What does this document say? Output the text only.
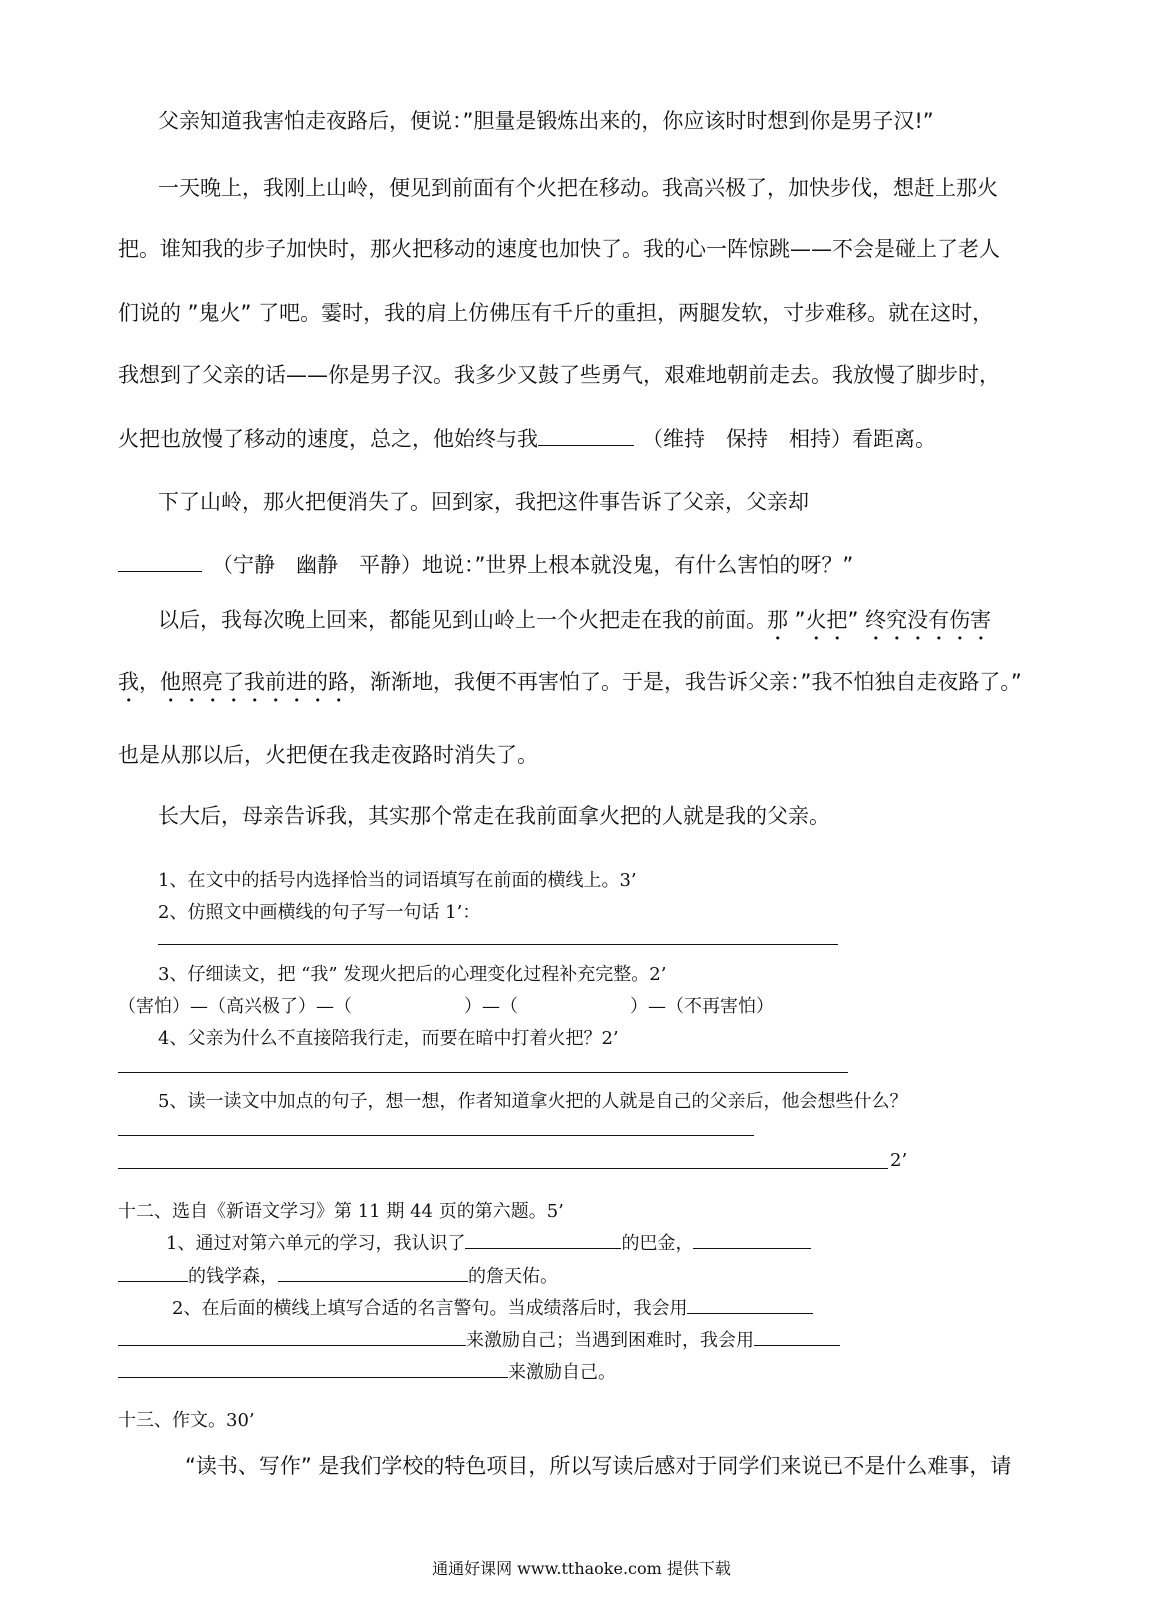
父亲知道我害怕走夜路后，便说：”胆量是锻炼出来的，你应该时时想到你是男子汉!”
一天晚上，我刚上山岭，便见到前面有个火把在移动。我高兴极了，加快步伐，想赶上那火
把。谁知我的步子加快时，那火把移动的速度也加快了。我的心一阵惊跳——不会是碰上了老人
们说的 ”鬼火” 了吧。霎时，我的肩上仿佛压有千斤的重担，两腿发软，寸步难移。就在这时，
我想到了父亲的话——你是男子汉。我多少又鼓了些勇气，艰难地朝前走去。我放慢了脚步时，
火把也放慢了移动的速度，总之，他始终与我	（维持　保持　相持）看距离。
下了山岭，那火把便消失了。回到家，我把这件事告诉了父亲，父亲却
（宁静　幽静　平静）地说：”世界上根本就没鬼，有什么害怕的呀？”
以后，我每次晚上回来，都能见到山岭上一个火把走在我的前面。那 ”火把” 终究没有伤害
我，他照亮了我前进的路，渐渐地，我便不再害怕了。于是，我告诉父亲：”我不怕独自走夜路了。”
也是从那以后，火把便在我走夜路时消失了。
长大后，母亲告诉我，其实那个常走在我前面拿火把的人就是我的父亲。
1、在文中的括号内选择恰当的词语填写在前面的横线上。3’
2、仿照文中画横线的句子写一句话 1’：
3、仔细读文，把 “我” 发现火把后的心理变化过程补充完整。2’
（害怕）—（高兴极了）—（	）—（	）—（不再害怕）
4、父亲为什么不直接陪我行走，而要在暗中打着火把？2’
5、读一读文中加点的句子，想一想，作者知道拿火把的人就是自己的父亲后，他会想些什么？
2’
十二、选自《新语文学习》第 11 期 44 页的第六题。5’
1、通过对第六单元的学习，我认识了	的巴金，
的钱学森，	的詹天佑。
2、在后面的横线上填写合适的名言警句。当成绩落后时，我会用
来激励自己；当遇到困难时，我会用
来激励自己。
十三、作文。30’
“读书、写作” 是我们学校的特色项目，所以写读后感对于同学们来说已不是什么难事，请
通通好课网 www.tthaoke.com 提供下载
